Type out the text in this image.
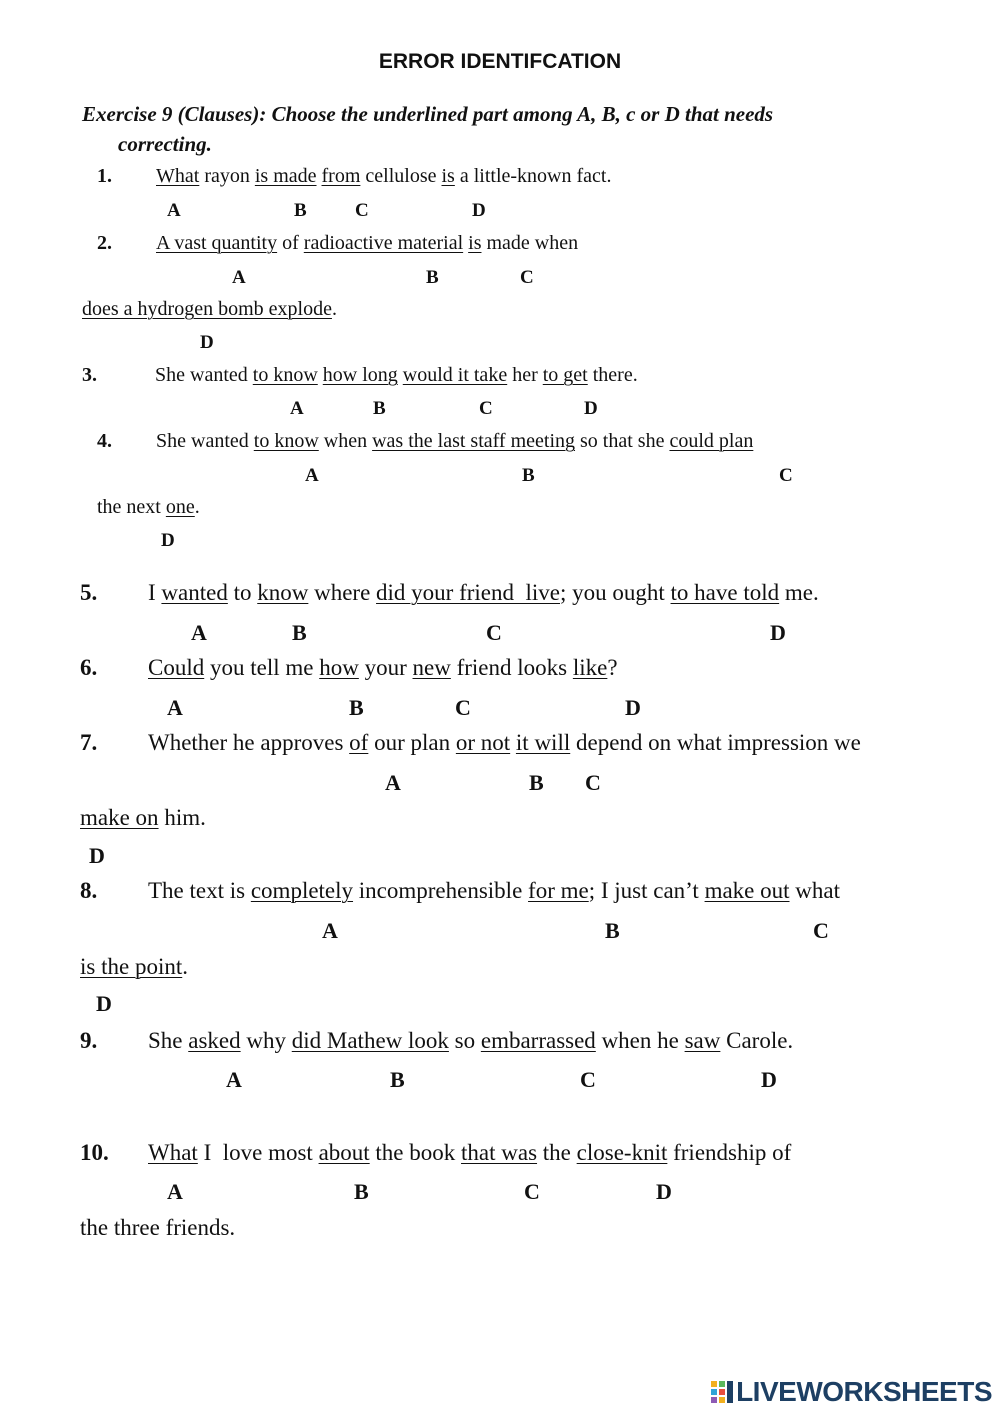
ERROR IDENTIFCATION
Exercise 9 (Clauses): Choose the underlined part among A, B, c or D that needs
correcting.
1. What rayon is made from cellulose is a little-known fact.
A	B	C	D
2. A vast quantity of radioactive material is made when
A	B	C
does a hydrogen bomb explode.
D
3.	She wanted to know how long would it take her to get there.
A	B	C	D
4. She wanted to know when was the last staff meeting so that she could plan
A	B	C
the next one.
D
5. I wanted to know where did your friend  live; you ought to have told me.
A	B	C	D
6. Could you tell me how your new friend looks like?
A	B	C	D
7. Whether he approves of our plan or not it will depend on what impression we
A	B C
make on him.
D
8. The text is completely incomprehensible for me; I just can’t make out what
A	B	C
is the point.
D
9. She asked why did Mathew look so embarrassed when he saw Carole.
A	B	C	D
10. What I  love most about the book that was the close-knit friendship of
A	B	C	D
the three friends.
LIVEWORKSHEETS
